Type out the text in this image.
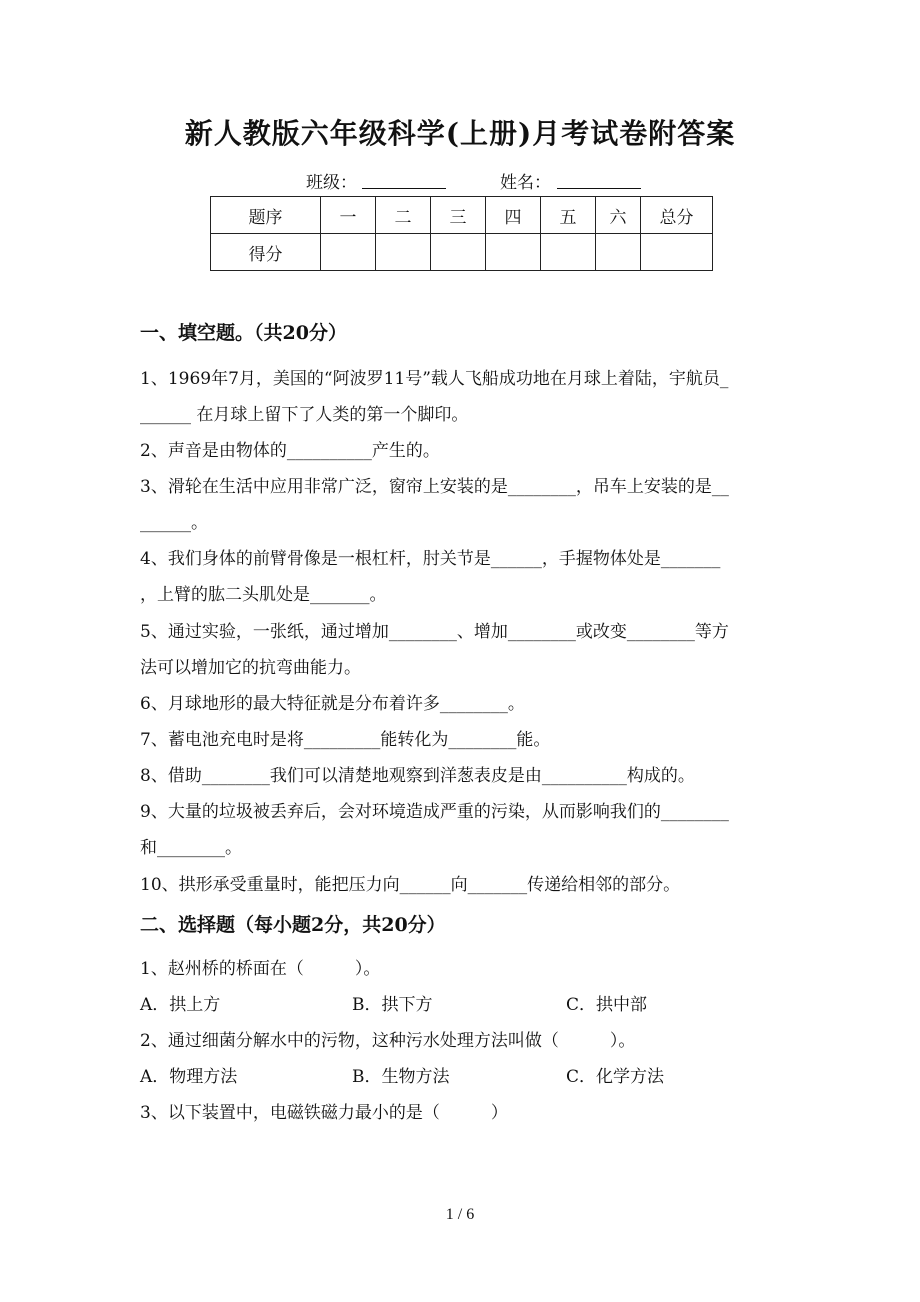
新人教版六年级科学(上册)月考试卷附答案
班级：	姓名：
题序	一	二	三	四	五	六	总分
得分							
一、填空题。（共20分）
1、1969年7月，美国的“阿波罗11号”载人飞船成功地在月球上着陆，宇航员_
______ 在月球上留下了人类的第一个脚印。
2、声音是由物体的__________产生的。
3、滑轮在生活中应用非常广泛，窗帘上安装的是________，吊车上安装的是__
______。
4、我们身体的前臂骨像是一根杠杆，肘关节是______，手握物体处是_______
，上臂的肱二头肌处是_______。
5、通过实验，一张纸，通过增加________、增加________或改变________等方
法可以增加它的抗弯曲能力。
6、月球地形的最大特征就是分布着许多________。
7、蓄电池充电时是将_________能转化为________能。
8、借助________我们可以清楚地观察到洋葱表皮是由__________构成的。
9、大量的垃圾被丢弃后，会对环境造成严重的污染，从而影响我们的________
和________。
10、拱形承受重量时，能把压力向______向_______传递给相邻的部分。
二、选择题（每小题2分，共20分）
1、赵州桥的桥面在（　　　）。
A．拱上方	B．拱下方	C．拱中部
2、通过细菌分解水中的污物，这种污水处理方法叫做（　　　）。
A．物理方法	B．生物方法	C．化学方法
3、以下装置中，电磁铁磁力最小的是（　　　）
1 / 6
